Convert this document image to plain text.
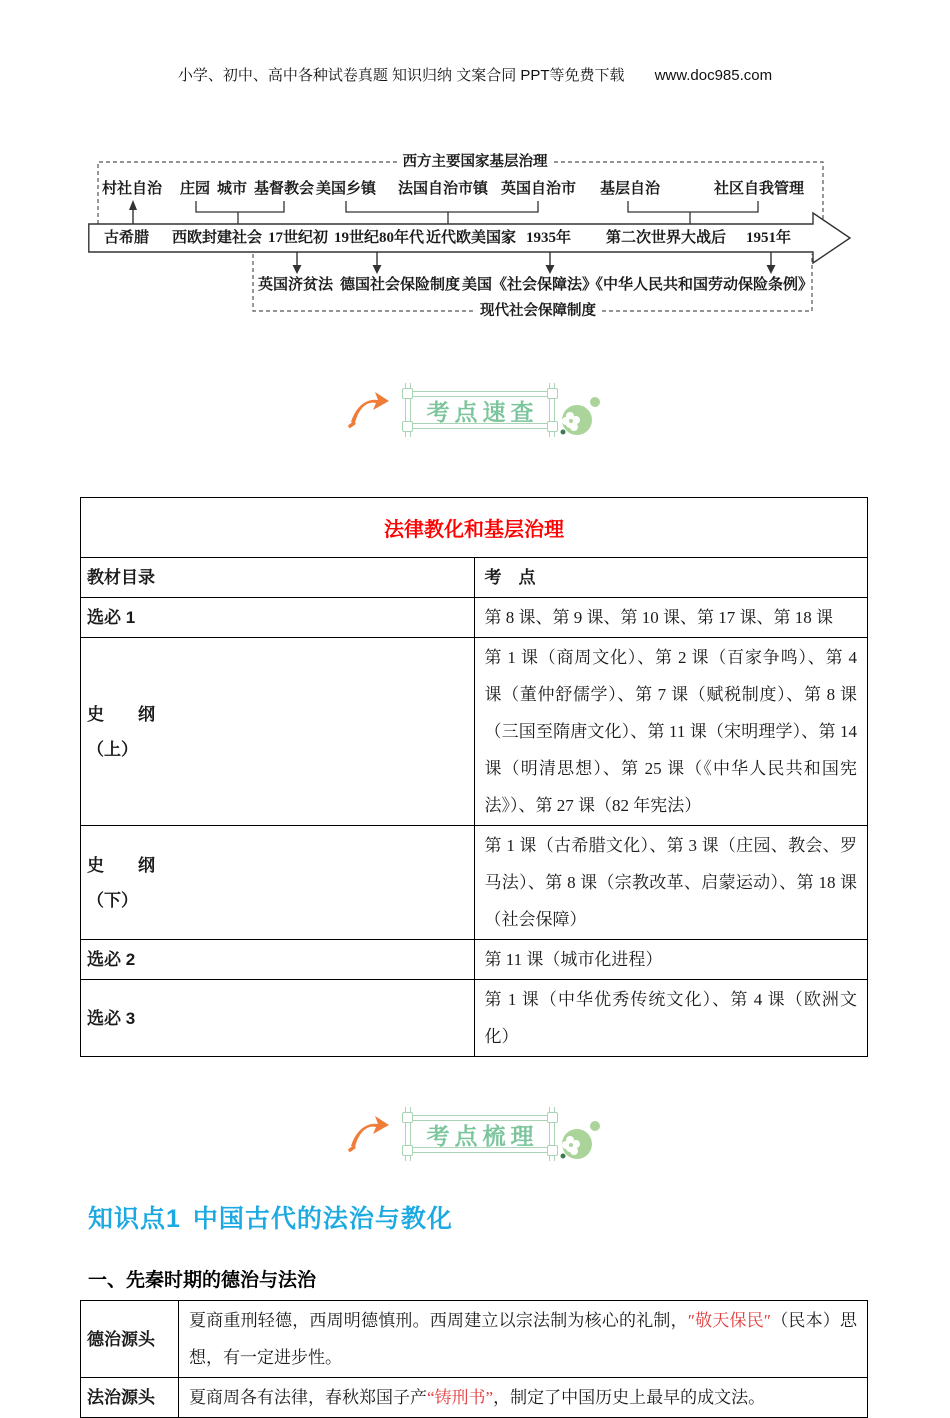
小学、初中、高中各种试卷真题 知识归纳 文案合同 PPT等免费下载 www.doc985.com
西方主要国家基层治理
村社自治 庄园 城市 基督教会 美国乡镇 法国自治市镇 英国自治市 基层自治	社区自我管理
古希腊 西欧封建社会 17世纪初 19世纪80年代 近代欧美国家 1935年 第二次世界大战后 1951年
英国济贫法 德国社会保险制度 美国《社会保障法》
《中华人民共和国劳动保险条例》
现代社会保障制度
考点速查
法律教化和基层治理	
教材目录	考　点
选必 1	第 8 课、第 9 课、第 10 课、第 17 课、第 18 课

史　　纲
（上）	第 1 课（商周文化）、第 2 课（百家争鸣）、第 4 课（董仲舒儒学）、第 7 课（赋税制度）、第 8 课（三国至隋唐文化）、第 11 课（宋明理学）、第 14 课（明清思想）、第 25 课（《中华人民共和国宪法》）、第 27 课（82 年宪法）

史　　纲
（下）	第 1 课（古希腊文化）、第 3 课（庄园、教会、罗马法）、第 8 课（宗教改革、启蒙运动）、第 18 课（社会保障）
选必 2	第 11 课（城市化进程）
选必 3	第 1 课（中华优秀传统文化）、第 4 课（欧洲文化）
考点梳理
知识点1 中国古代的法治与教化
一、先秦时期的德治与法治
德治源头	夏商重刑轻德，西周明德慎刑。西周建立以宗法制为核心的礼制，″敬天保民″（民本）思想，有一定进步性。
法治源头	夏商周各有法律，春秋郑国子产“铸刑书”，制定了中国历史上最早的成文法。
